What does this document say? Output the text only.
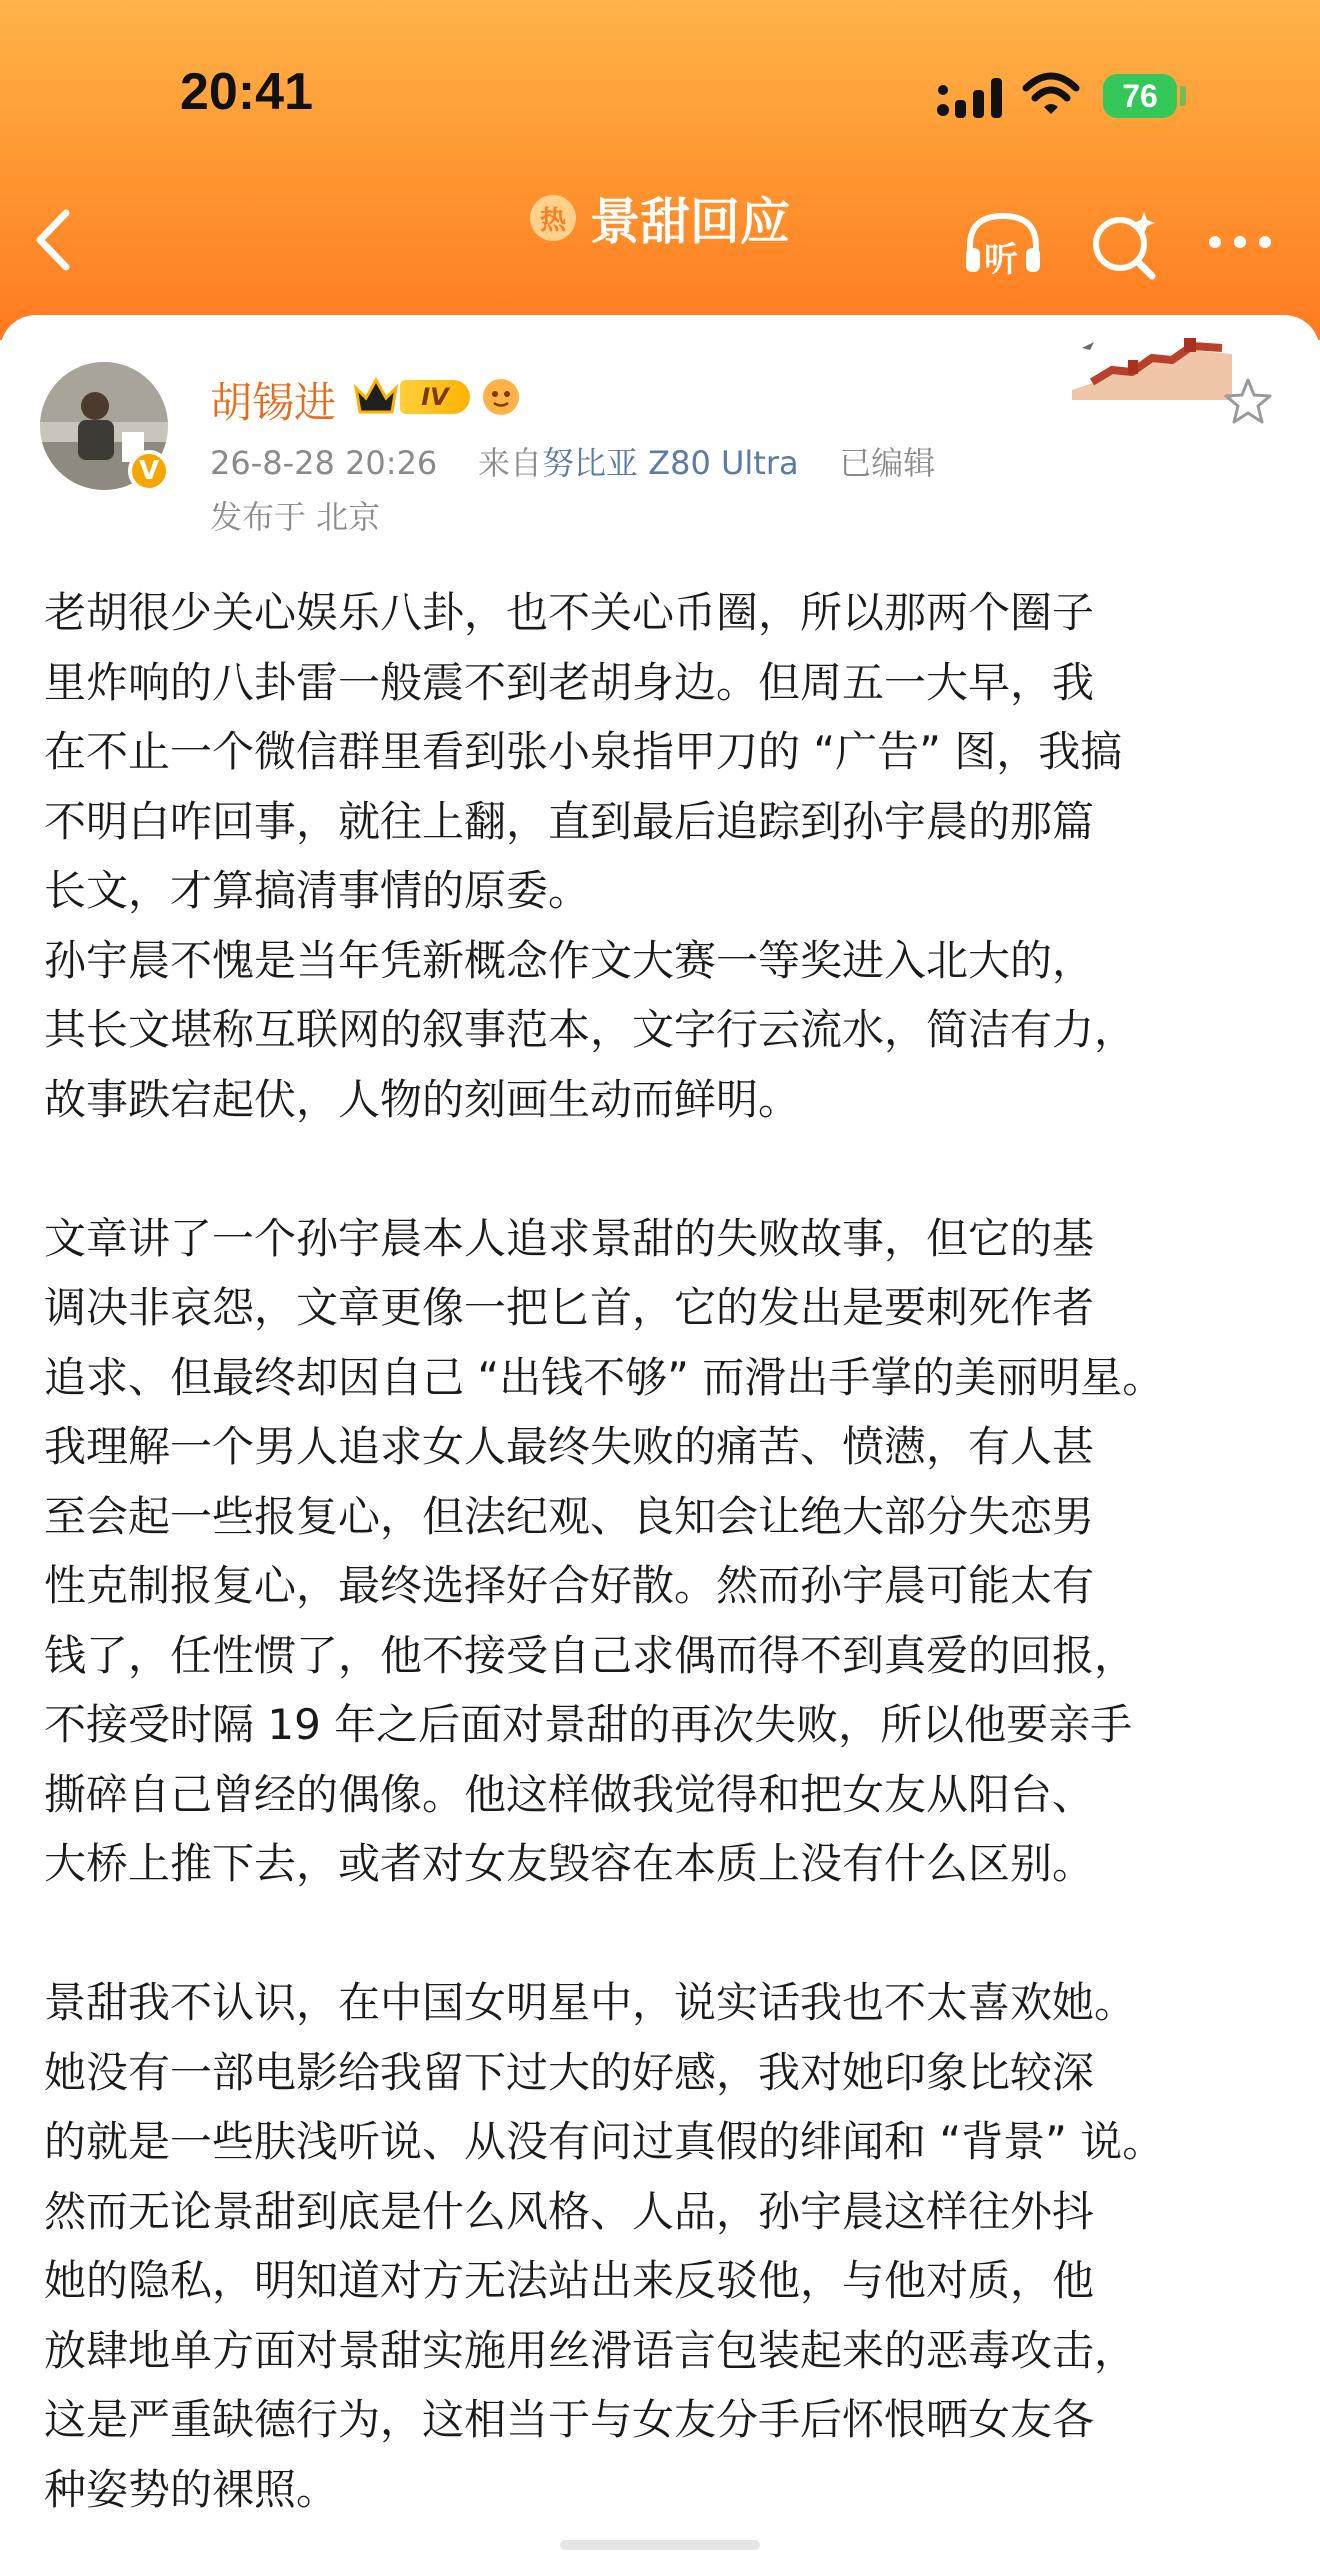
20:41	76
热 景甜回应
听
V
胡锡进	IV
26-8-28 20:26 来自努比亚 Z80 Ultra 已编辑
发布于 北京
老胡很少关心娱乐八卦，也不关心币圈，所以那两个圈子
里炸响的八卦雷一般震不到老胡身边。但周五一大早，我
在不止一个微信群里看到张小泉指甲刀的 “广告” 图，我搞
不明白咋回事，就往上翻，直到最后追踪到孙宇晨的那篇
长文，才算搞清事情的原委。
孙宇晨不愧是当年凭新概念作文大赛一等奖进入北大的，
其长文堪称互联网的叙事范本，文字行云流水，简洁有力，
故事跌宕起伏，人物的刻画生动而鲜明。
文章讲了一个孙宇晨本人追求景甜的失败故事，但它的基
调决非哀怨，文章更像一把匕首，它的发出是要刺死作者
追求、但最终却因自己 “出钱不够” 而滑出手掌的美丽明星。
我理解一个男人追求女人最终失败的痛苦、愤懑，有人甚
至会起一些报复心，但法纪观、良知会让绝大部分失恋男
性克制报复心，最终选择好合好散。然而孙宇晨可能太有
钱了，任性惯了，他不接受自己求偶而得不到真爱的回报，
不接受时隔 19 年之后面对景甜的再次失败，所以他要亲手
撕碎自己曾经的偶像。他这样做我觉得和把女友从阳台、
大桥上推下去，或者对女友毁容在本质上没有什么区别。
景甜我不认识，在中国女明星中，说实话我也不太喜欢她。
她没有一部电影给我留下过大的好感，我对她印象比较深
的就是一些肤浅听说、从没有问过真假的绯闻和 “背景” 说。
然而无论景甜到底是什么风格、人品，孙宇晨这样往外抖
她的隐私，明知道对方无法站出来反驳他，与他对质，他
放肆地单方面对景甜实施用丝滑语言包装起来的恶毒攻击，
这是严重缺德行为，这相当于与女友分手后怀恨晒女友各
种姿势的裸照。
